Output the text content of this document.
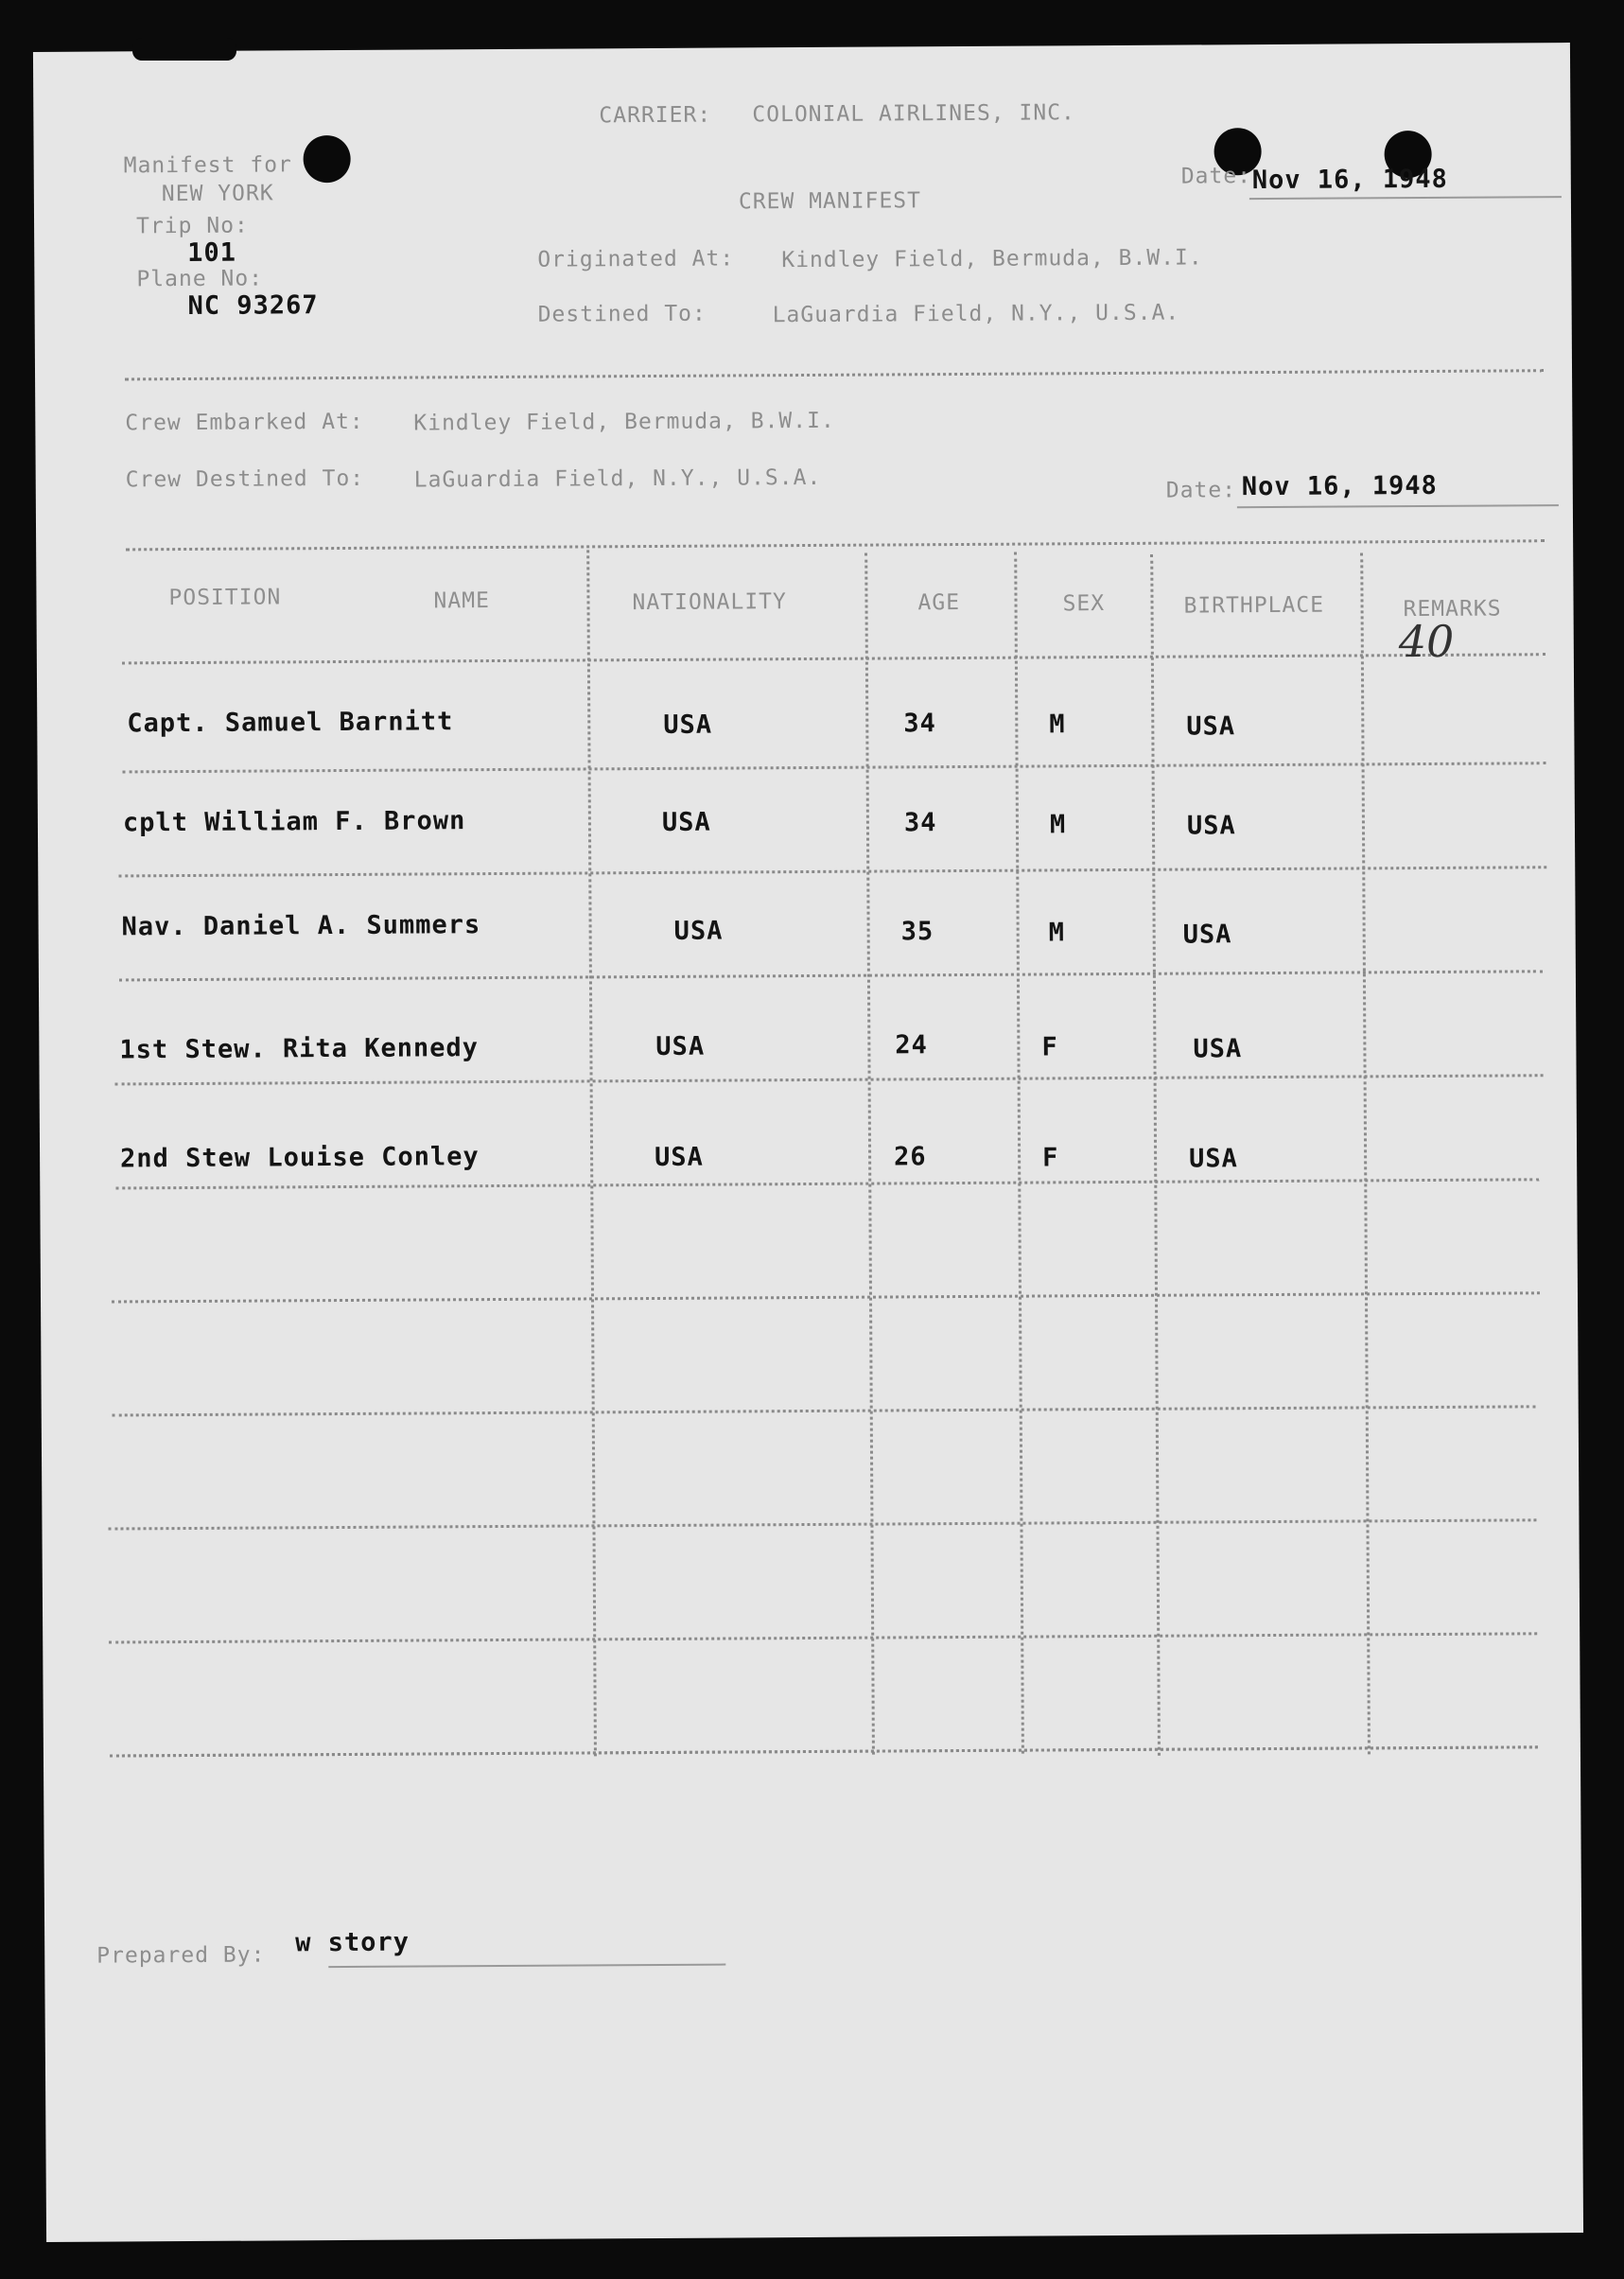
CARRIER: COLONIAL AIRLINES, INC.
Manifest for
NEW YORK
Trip No:
101
Plane No:
NC 93267
CREW MANIFEST
Date: Nov 16, 1948
Originated At: Kindley Field, Bermuda, B.W.I.
Destined To:	LaGuardia Field, N.Y., U.S.A.
Crew Embarked At: Kindley Field, Bermuda, B.W.I.
Crew Destined To: LaGuardia Field, N.Y., U.S.A.	Date: Nov 16, 1948
POSITION	NAME	NATIONALITY	AGE	SEX	BIRTHPLACE	REMARKS
40
Capt. Samuel Barnitt	USA	34	M	USA
cplt William F. Brown	USA	34	M	USA
Nav. Daniel A. Summers	USA	35	M	USA
1st Stew. Rita Kennedy	USA	24	F	USA
2nd Stew Louise Conley	USA	26	F	USA
Prepared By: w story
